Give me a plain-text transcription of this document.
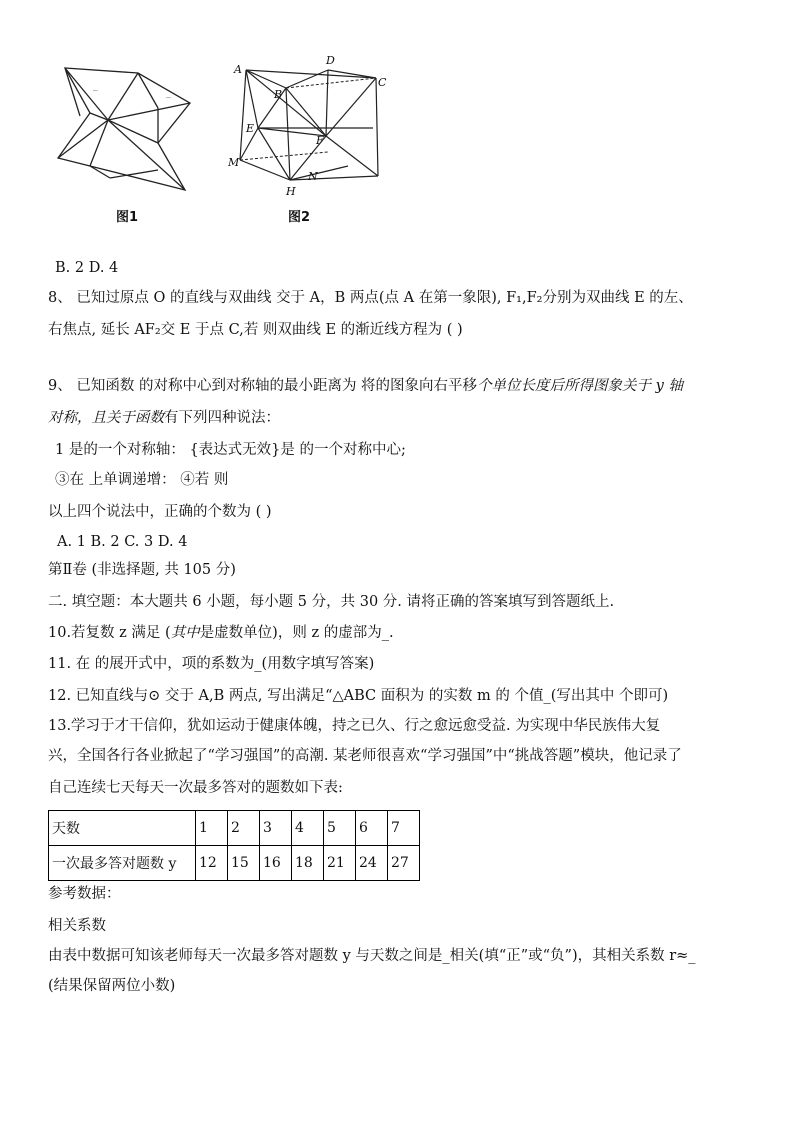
~
~
图1
A
B
C
D
E
F
M
N
H
图2
B. 2 D. 4
8、 已知过原点 O 的直线与双曲线 交于 A，B 两点(点 A 在第一象限), F₁,F₂分别为双曲线 E 的左、
右焦点, 延长 AF₂交 E 于点 C,若 则双曲线 E 的渐近线方程为 ( )
9、 已知函数 的对称中心到对称轴的最小距离为 将的图象向右平移个单位长度后所得图象关于 y 轴
对称，且关于函数有下列四种说法：
1 是的一个对称轴： {表达式无效}是 的一个对称中心;
③在 上单调递增： ④若 则
以上四个说法中，正确的个数为 ( )
A. 1 B. 2 C. 3 D. 4
第Ⅱ卷 (非选择题, 共 105 分)
二. 填空题：本大题共 6 小题，每小题 5 分，共 30 分. 请将正确的答案填写到答题纸上.
10.若复数 z 满足 (其中是虚数单位)，则 z 的虚部为_.
11. 在 的展开式中，项的系数为_(用数字填写答案)
12. 已知直线与⊙ 交于 A,B 两点, 写出满足“△ABC 面积为 的实数 m 的 个值_(写出其中 个即可)
13.学习于才干信仰，犹如运动于健康体魄，持之已久、行之愈远愈受益. 为实现中华民族伟大复
兴，全国各行各业掀起了“学习强国”的高潮. 某老师很喜欢“学习强国”中“挑战答题”模块，他记录了
自己连续七天每天一次最多答对的题数如下表:
天数	1	2	3	4	5	6	7
一次最多答对题数 y	12	15	16	18	21	24	27
参考数据：
相关系数
由表中数据可知该老师每天一次最多答对题数 y 与天数之间是_相关(填“正”或“负”)，其相关系数 r≈_
(结果保留两位小数)
